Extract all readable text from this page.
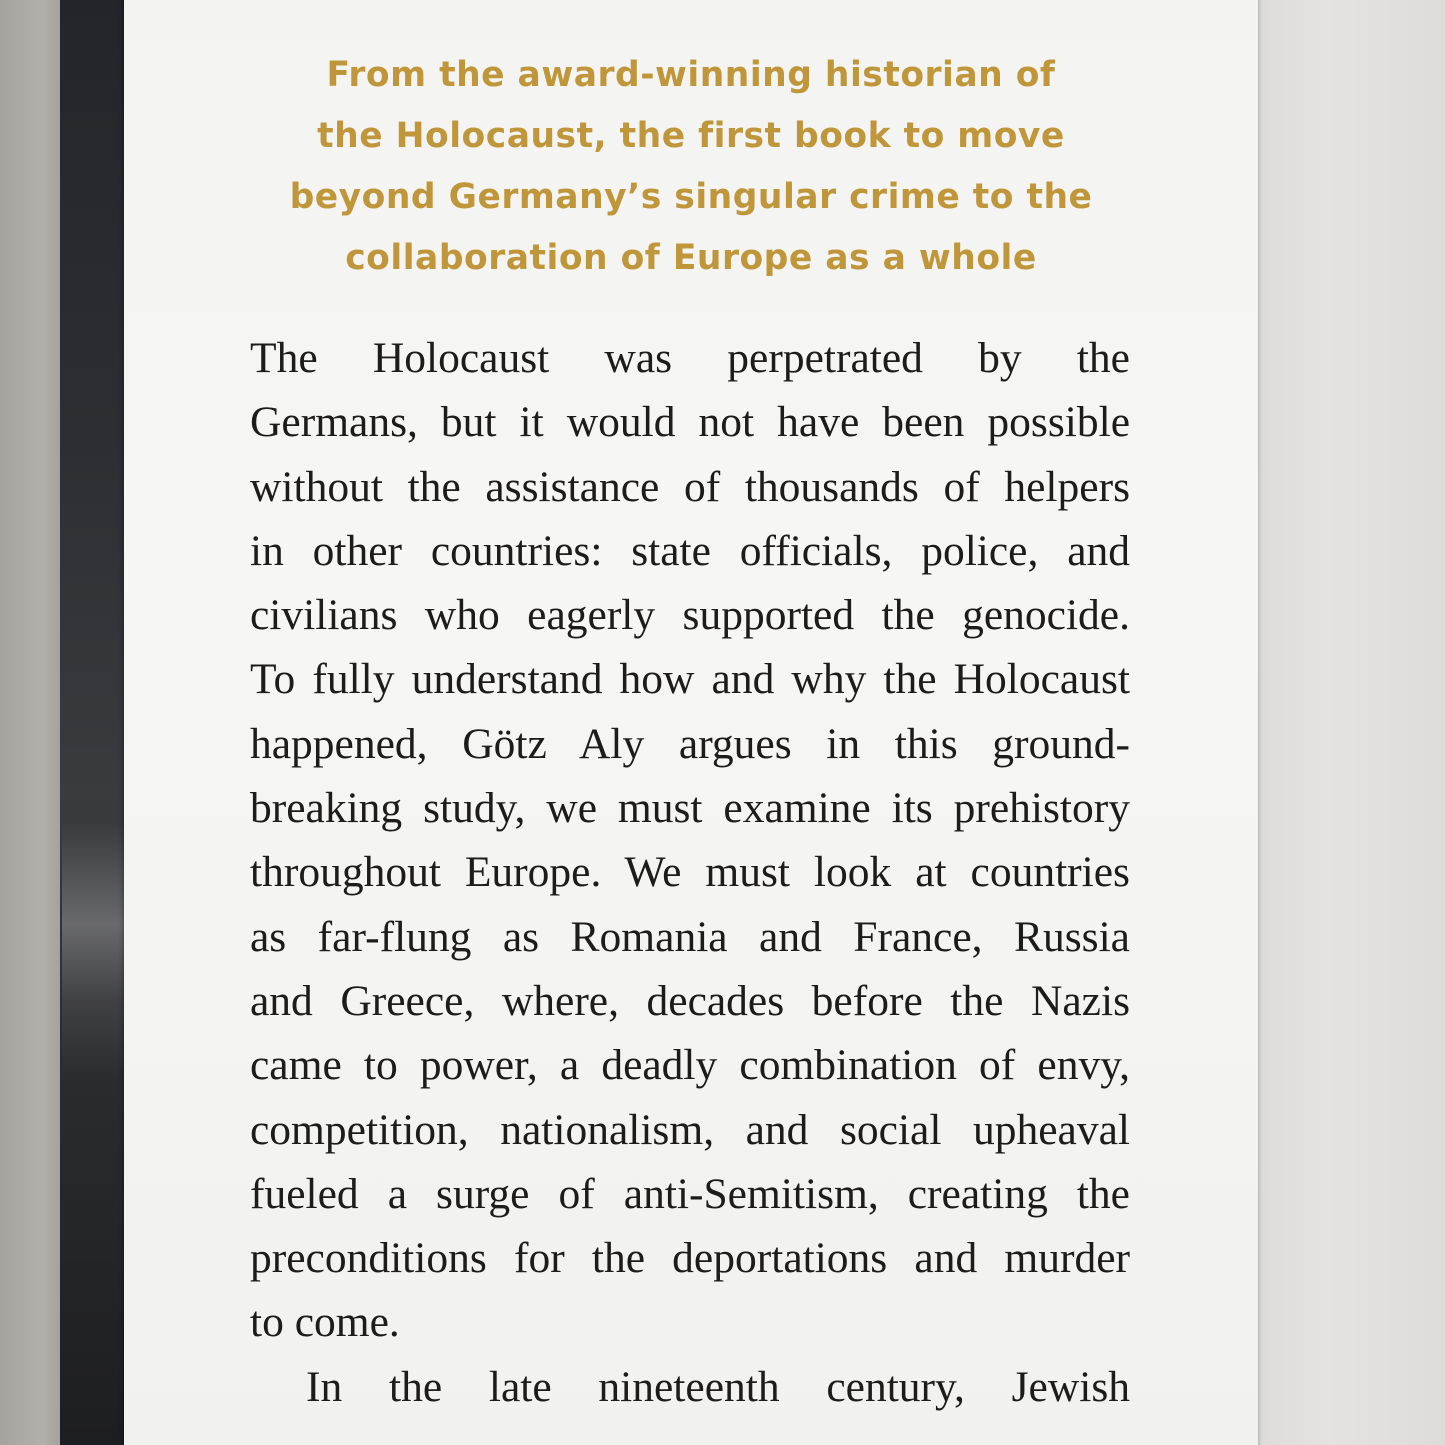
From the award-winning historian of
the Holocaust, the first book to move
beyond Germany’s singular crime to the
collaboration of Europe as a whole

The Holocaust was perpetrated by the
Germans, but it would not have been possible
without the assistance of thousands of helpers
in other countries: state officials, police, and
civilians who eagerly supported the genocide.
To fully understand how and why the Holocaust
happened, Götz Aly argues in this ground-
breaking study, we must examine its prehistory
throughout Europe. We must look at countries
as far-flung as Romania and France, Russia
and Greece, where, decades before the Nazis
came to power, a deadly combination of envy,
competition, nationalism, and social upheaval
fueled a surge of anti-Semitism, creating the
preconditions for the deportations and murder
to come.
In the late nineteenth century, Jewish
